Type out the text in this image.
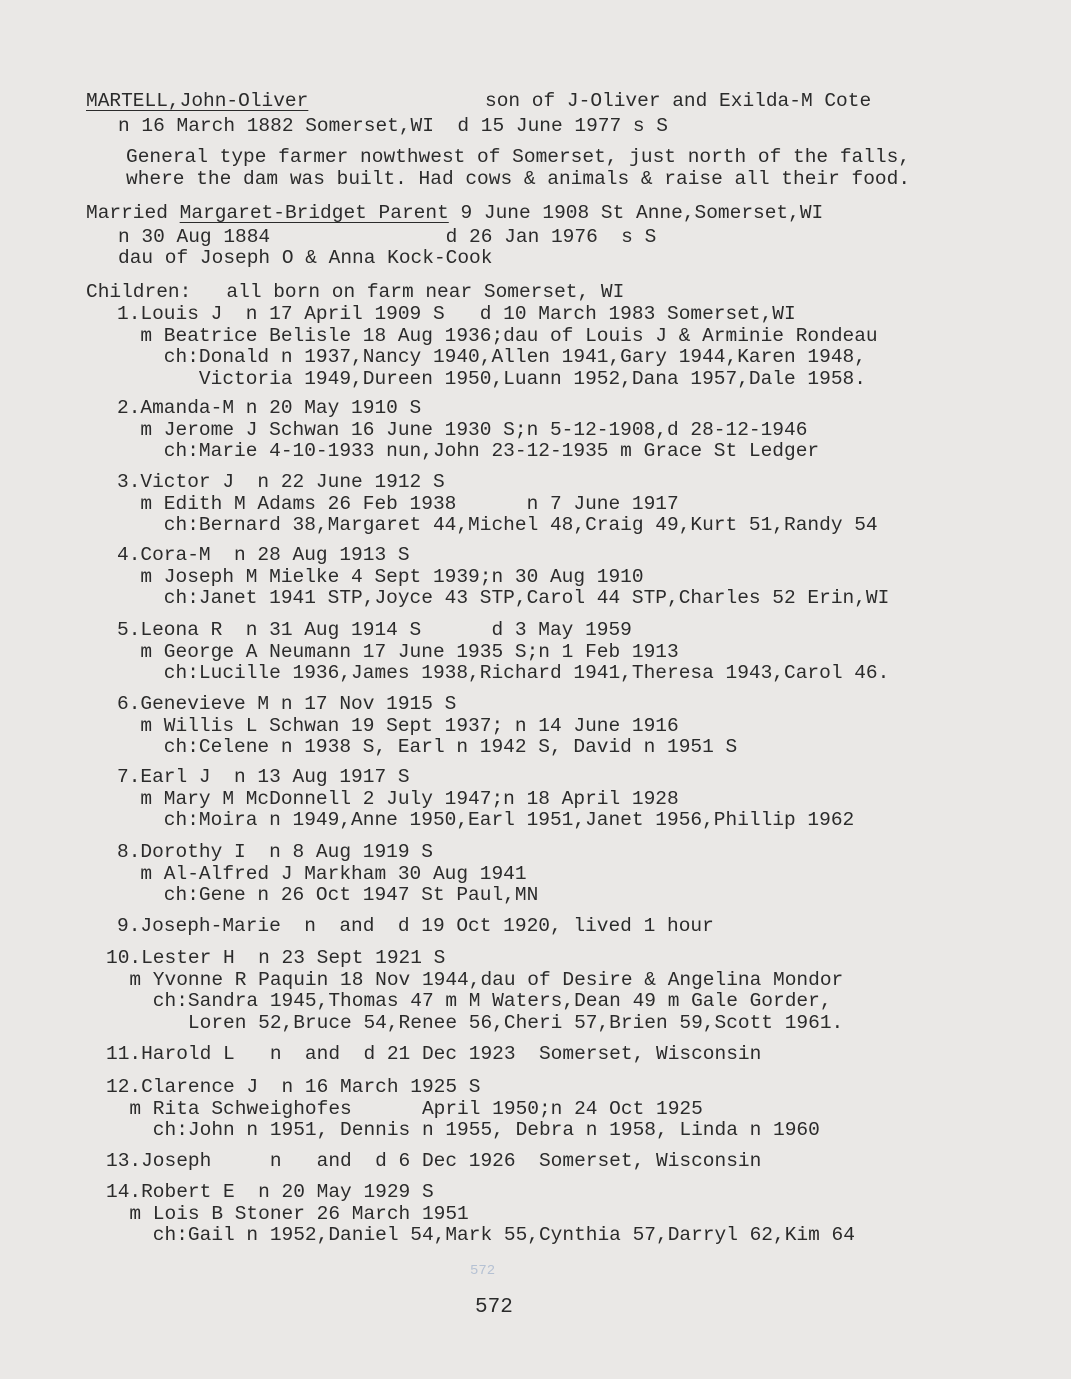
MARTELL,John-Oliver	son of J-Oliver and Exilda-M Cote
n 16 March 1882 Somerset,WI  d 15 June 1977 s S
General type farmer nowthwest of Somerset, just north of the falls,
where the dam was built. Had cows & animals & raise all their food.
Married Margaret-Bridget Parent 9 June 1908 St Anne,Somerset,WI
n 30 Aug 1884               d 26 Jan 1976  s S
dau of Joseph O & Anna Kock-Cook
Children:   all born on farm near Somerset, WI
1.Louis J  n 17 April 1909 S   d 10 March 1983 Somerset,WI
m Beatrice Belisle 18 Aug 1936;dau of Louis J & Arminie Rondeau
ch:Donald n 1937,Nancy 1940,Allen 1941,Gary 1944,Karen 1948,
Victoria 1949,Dureen 1950,Luann 1952,Dana 1957,Dale 1958.
2.Amanda-M n 20 May 1910 S
m Jerome J Schwan 16 June 1930 S;n 5-12-1908,d 28-12-1946
ch:Marie 4-10-1933 nun,John 23-12-1935 m Grace St Ledger
3.Victor J  n 22 June 1912 S
m Edith M Adams 26 Feb 1938      n 7 June 1917
ch:Bernard 38,Margaret 44,Michel 48,Craig 49,Kurt 51,Randy 54
4.Cora-M  n 28 Aug 1913 S
m Joseph M Mielke 4 Sept 1939;n 30 Aug 1910
ch:Janet 1941 STP,Joyce 43 STP,Carol 44 STP,Charles 52 Erin,WI
5.Leona R  n 31 Aug 1914 S      d 3 May 1959
m George A Neumann 17 June 1935 S;n 1 Feb 1913
ch:Lucille 1936,James 1938,Richard 1941,Theresa 1943,Carol 46.
6.Genevieve M n 17 Nov 1915 S
m Willis L Schwan 19 Sept 1937; n 14 June 1916
ch:Celene n 1938 S, Earl n 1942 S, David n 1951 S
7.Earl J  n 13 Aug 1917 S
m Mary M McDonnell 2 July 1947;n 18 April 1928
ch:Moira n 1949,Anne 1950,Earl 1951,Janet 1956,Phillip 1962
8.Dorothy I  n 8 Aug 1919 S
m Al-Alfred J Markham 30 Aug 1941
ch:Gene n 26 Oct 1947 St Paul,MN
9.Joseph-Marie  n  and  d 19 Oct 1920, lived 1 hour
10.Lester H  n 23 Sept 1921 S
m Yvonne R Paquin 18 Nov 1944,dau of Desire & Angelina Mondor
ch:Sandra 1945,Thomas 47 m M Waters,Dean 49 m Gale Gorder,
Loren 52,Bruce 54,Renee 56,Cheri 57,Brien 59,Scott 1961.
11.Harold L   n  and  d 21 Dec 1923  Somerset, Wisconsin
12.Clarence J  n 16 March 1925 S
m Rita Schweighofes      April 1950;n 24 Oct 1925
ch:John n 1951, Dennis n 1955, Debra n 1958, Linda n 1960
13.Joseph     n   and  d 6 Dec 1926  Somerset, Wisconsin
14.Robert E  n 20 May 1929 S
m Lois B Stoner 26 March 1951
ch:Gail n 1952,Daniel 54,Mark 55,Cynthia 57,Darryl 62,Kim 64
572
572
